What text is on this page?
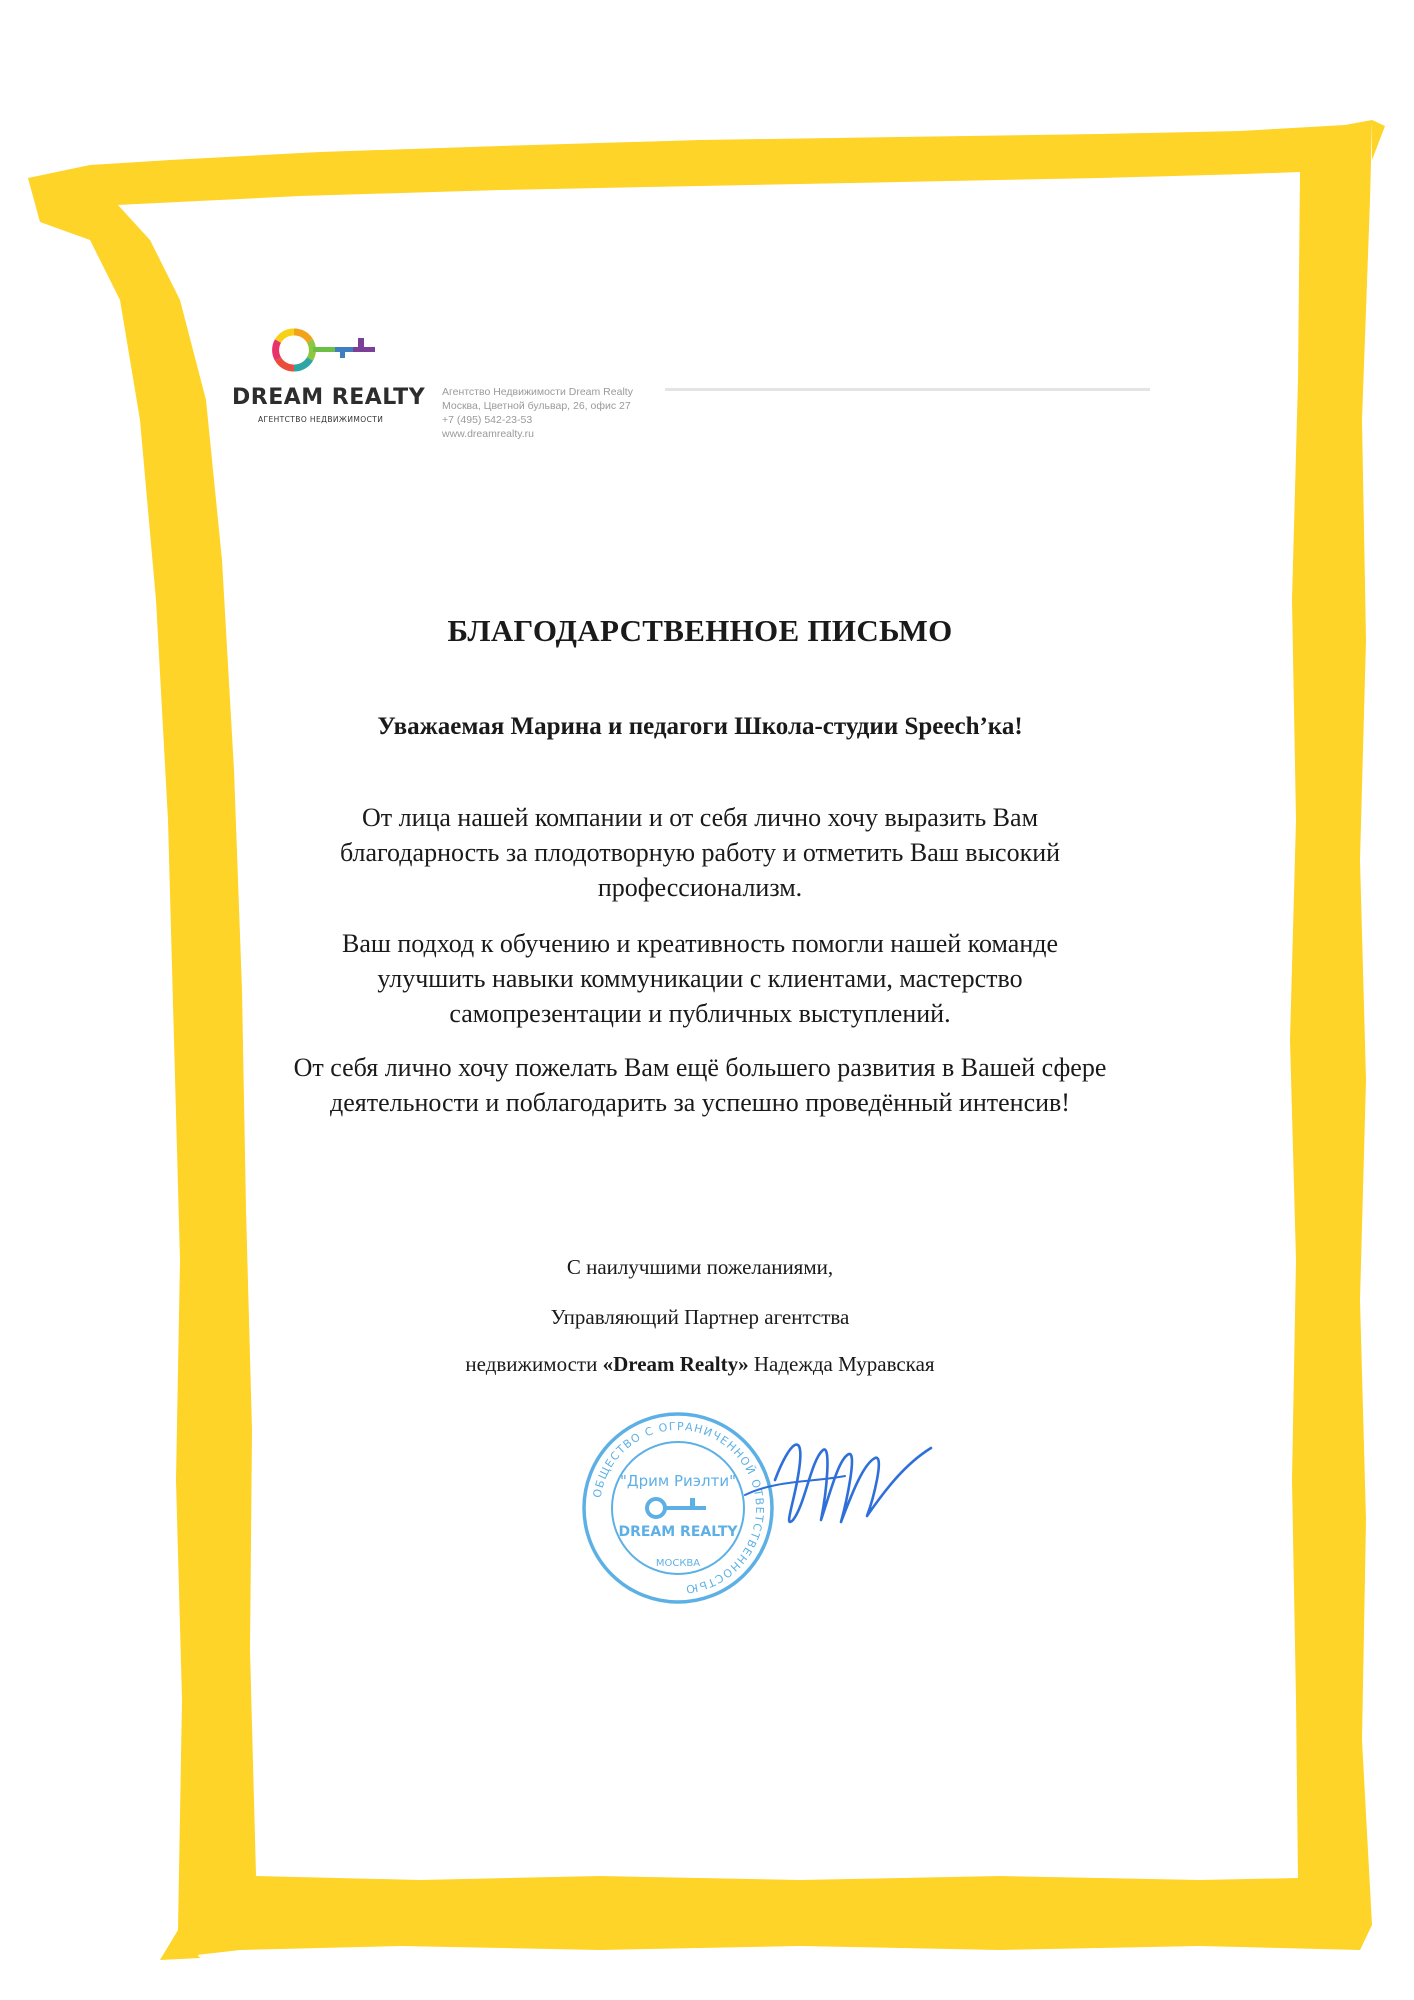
DREAM REALTY
АГЕНТСТВО НЕДВИЖИМОСТИ
Агентство Недвижимости Dream Realty
Москва, Цветной бульвар, 26, офис 27
+7 (495) 542-23-53
www.dreamrealty.ru
БЛАГОДАРСТВЕННОЕ ПИСЬМО
Уважаемая Марина и педагоги Школа-студии Speech’ка!
От лица нашей компании и от себя лично хочу выразить Вам
благодарность за плодотворную работу и отметить Ваш высокий
профессионализм.
Ваш подход к обучению и креативность помогли нашей команде
улучшить навыки коммуникации с клиентами, мастерство
самопрезентации и публичных выступлений.
От себя лично хочу пожелать Вам ещё большего развития в Вашей сфере
деятельности и поблагодарить за успешно проведённый интенсив!
С наилучшими пожеланиями,
Управляющий Партнер агентства
недвижимости «Dream Realty» Надежда Муравская
ОБЩЕСТВО С ОГРАНИЧЕННОЙ ОТВЕТСТВЕННОСТЬЮ
"Дрим Риэлти"
DREAM REALTY
МОСКВА
